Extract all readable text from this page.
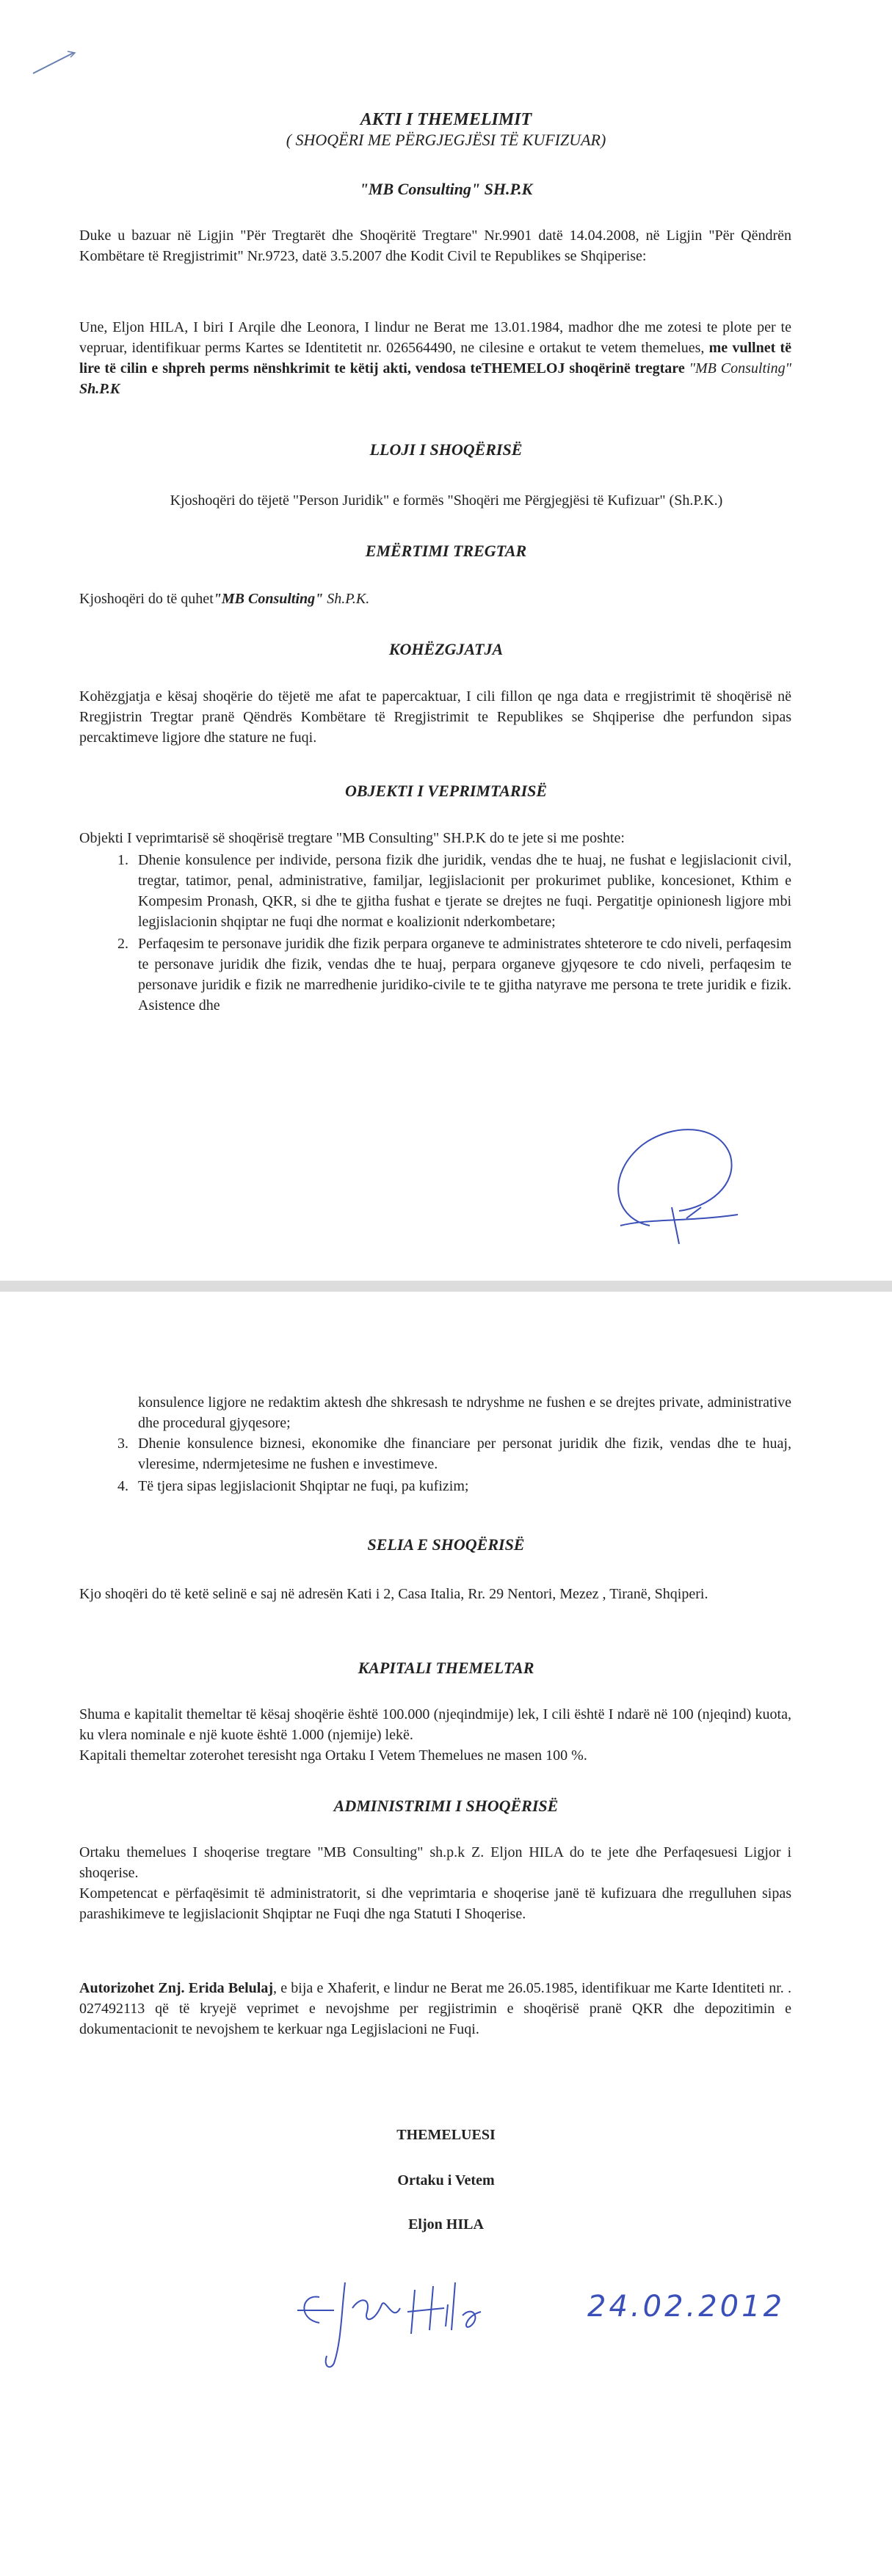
AKTI I THEMELIMIT
( SHOQËRI ME PËRGJEGJËSI TË KUFIZUAR)
"MB Consulting" SH.P.K
Duke u bazuar në Ligjin "Për Tregtarët dhe Shoqëritë Tregtare" Nr.9901 datë 14.04.2008, në Ligjin "Për Qëndrën Kombëtare të Rregjistrimit" Nr.9723, datë 3.5.2007 dhe Kodit Civil te Republikes se Shqiperise:
Une, Eljon HILA, I biri I Arqile dhe Leonora, I lindur ne Berat me 13.01.1984, madhor dhe me zotesi te plote per te vepruar, identifikuar perms Kartes se Identitetit nr. 026564490, ne cilesine e ortakut te vetem themelues, me vullnet të lire të cilin e shpreh perms nënshkrimit te këtij akti, vendosa teTHEMELOJ shoqërinë tregtare "MB Consulting" Sh.P.K
LLOJI I SHOQËRISË
Kjoshoqëri do tëjetë "Person Juridik" e formës "Shoqëri me Përgjegjësi të Kufizuar" (Sh.P.K.)
EMËRTIMI TREGTAR
Kjoshoqëri do të quhet"MB Consulting" Sh.P.K.
KOHËZGJATJA
Kohëzgjatja e kësaj shoqërie do tëjetë me afat te papercaktuar, I cili fillon qe nga data e rregjistrimit të shoqërisë në Rregjistrin Tregtar pranë Qëndrës Kombëtare të Rregjistrimit te Republikes se Shqiperise dhe perfundon sipas percaktimeve ligjore dhe stature ne fuqi.
OBJEKTI I VEPRIMTARISË
Objekti I veprimtarisë së shoqërisë tregtare "MB Consulting" SH.P.K do te jete si me poshte:
1. Dhenie konsulence per individe, persona fizik dhe juridik, vendas dhe te huaj, ne fushat e legjislacionit civil, tregtar, tatimor, penal, administrative, familjar, legjislacionit per prokurimet publike, koncesionet, Kthim e Kompesim Pronash, QKR, si dhe te gjitha fushat e tjerate se drejtes ne fuqi. Pergatitje opinionesh ligjore mbi legjislacionin shqiptar ne fuqi dhe normat e koalizionit nderkombetare;
2. Perfaqesim te personave juridik dhe fizik perpara organeve te administrates shteterore te cdo niveli, perfaqesim te personave juridik dhe fizik, vendas dhe te huaj, perpara organeve gjyqesore te cdo niveli, perfaqesim te personave juridik e fizik ne marredhenie juridiko-civile te te gjitha natyrave me persona te trete juridik e fizik. Asistence dhe
konsulence ligjore ne redaktim aktesh dhe shkresash te ndryshme ne fushen e se drejtes private, administrative dhe procedural gjyqesore;
3. Dhenie konsulence biznesi, ekonomike dhe financiare per personat juridik dhe fizik, vendas dhe te huaj, vleresime, ndermjetesime ne fushen e investimeve.
4. Të tjera sipas legjislacionit Shqiptar ne fuqi, pa kufizim;
SELIA E SHOQËRISË
Kjo shoqëri do të ketë selinë e saj në adresën Kati i 2, Casa Italia, Rr. 29 Nentori, Mezez , Tiranë, Shqiperi.
KAPITALI THEMELTAR
Shuma e kapitalit themeltar të kësaj shoqërie është 100.000 (njeqindmije) lek, I cili është I ndarë në 100 (njeqind) kuota, ku vlera nominale e një kuote është 1.000 (njemije) lekë.
Kapitali themeltar zoterohet teresisht nga Ortaku I Vetem Themelues ne masen 100 %.
ADMINISTRIMI I SHOQËRISË
Ortaku themelues I shoqerise tregtare "MB Consulting" sh.p.k Z. Eljon HILA do te jete dhe Perfaqesuesi Ligjor i shoqerise.
Kompetencat e përfaqësimit të administratorit, si dhe veprimtaria e shoqerise janë të kufizuara dhe rregulluhen sipas parashikimeve te legjislacionit Shqiptar ne Fuqi dhe nga Statuti I Shoqerise.
Autorizohet Znj. Erida Belulaj, e bija e Xhaferit, e lindur ne Berat me 26.05.1985, identifikuar me Karte Identiteti nr. . 027492113 që të kryejë veprimet e nevojshme per regjistrimin e shoqërisë pranë QKR dhe depozitimin e dokumentacionit te nevojshem te kerkuar nga Legjislacioni ne Fuqi.
THEMELUESI
Ortaku i Vetem
Eljon HILA
24.02.2012
